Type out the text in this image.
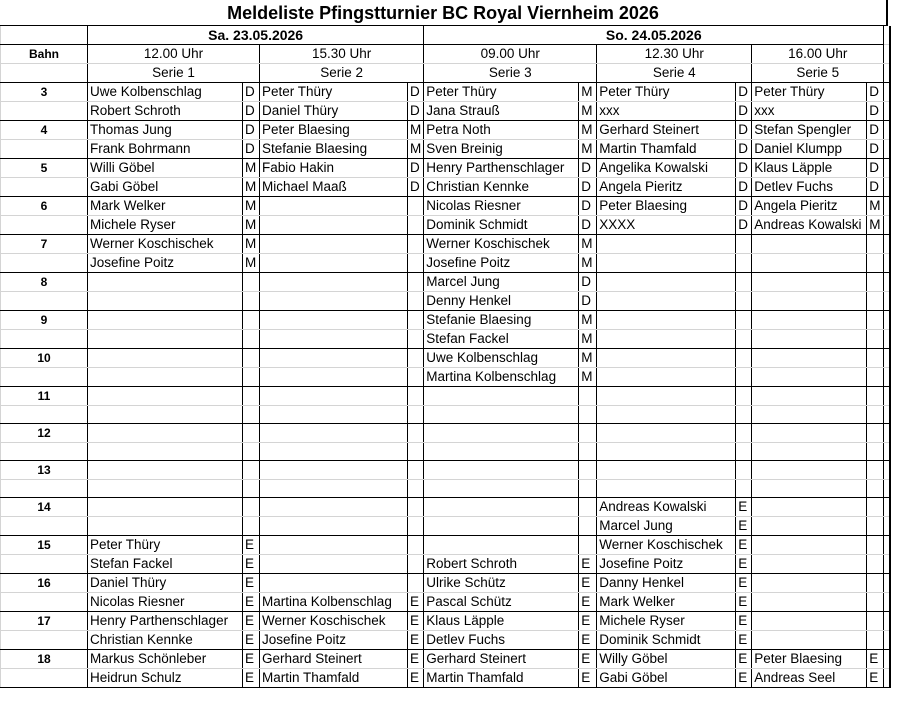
Meldeliste Pfingstturnier BC Royal Viernheim 2026
	Sa. 23.05.2026				So. 24.05.2026						
Bahn	12.00 Uhr		15.30 Uhr		09.00 Uhr		12.30 Uhr		16.00 Uhr		
	Serie 1		Serie 2		Serie 3		Serie 4		Serie 5		
3	Uwe Kolbenschlag	D	Peter Thüry	D	Peter Thüry	M	Peter Thüry	D	Peter Thüry	D	
	Robert Schroth	D	Daniel Thüry	D	Jana Strauß	M	xxx	D	xxx	D	
4	Thomas Jung	D	Peter Blaesing	M	Petra Noth	M	Gerhard Steinert	D	Stefan Spengler	D	
	Frank Bohrmann	D	Stefanie Blaesing	M	Sven Breinig	M	Martin Thamfald	D	Daniel Klumpp	D	
5	Willi Göbel	M	Fabio Hakin	D	Henry Parthenschlager	D	Angelika Kowalski	D	Klaus Läpple	D	
	Gabi Göbel	M	Michael Maaß	D	Christian Kennke	D	Angela Pieritz	D	Detlev Fuchs	D	
6	Mark Welker	M			Nicolas Riesner	D	Peter Blaesing	D	Angela Pieritz	M	
	Michele Ryser	M			Dominik Schmidt	D	XXXX	D	Andreas Kowalski	M	
7	Werner Koschischek	M			Werner Koschischek	M					
	Josefine Poitz	M			Josefine Poitz	M					
8					Marcel Jung	D					
					Denny Henkel	D					
9					Stefanie Blaesing	M					
					Stefan Fackel	M					
10					Uwe Kolbenschlag	M					
					Martina Kolbenschlag	M					
11											

12											

13											

14							Andreas Kowalski	E			
							Marcel Jung	E			
15	Peter Thüry	E					Werner Koschischek	E			
	Stefan Fackel	E			Robert Schroth	E	Josefine Poitz	E			
16	Daniel Thüry	E			Ulrike Schütz	E	Danny Henkel	E			
	Nicolas Riesner	E	Martina Kolbenschlag	E	Pascal Schütz	E	Mark Welker	E			
17	Henry Parthenschlager	E	Werner Koschischek	E	Klaus Läpple	E	Michele Ryser	E			
	Christian Kennke	E	Josefine Poitz	E	Detlev Fuchs	E	Dominik Schmidt	E			
18	Markus Schönleber	E	Gerhard Steinert	E	Gerhard Steinert	E	Willy Göbel	E	Peter Blaesing	E	
	Heidrun Schulz	E	Martin Thamfald	E	Martin Thamfald	E	Gabi Göbel	E	Andreas Seel	E	
